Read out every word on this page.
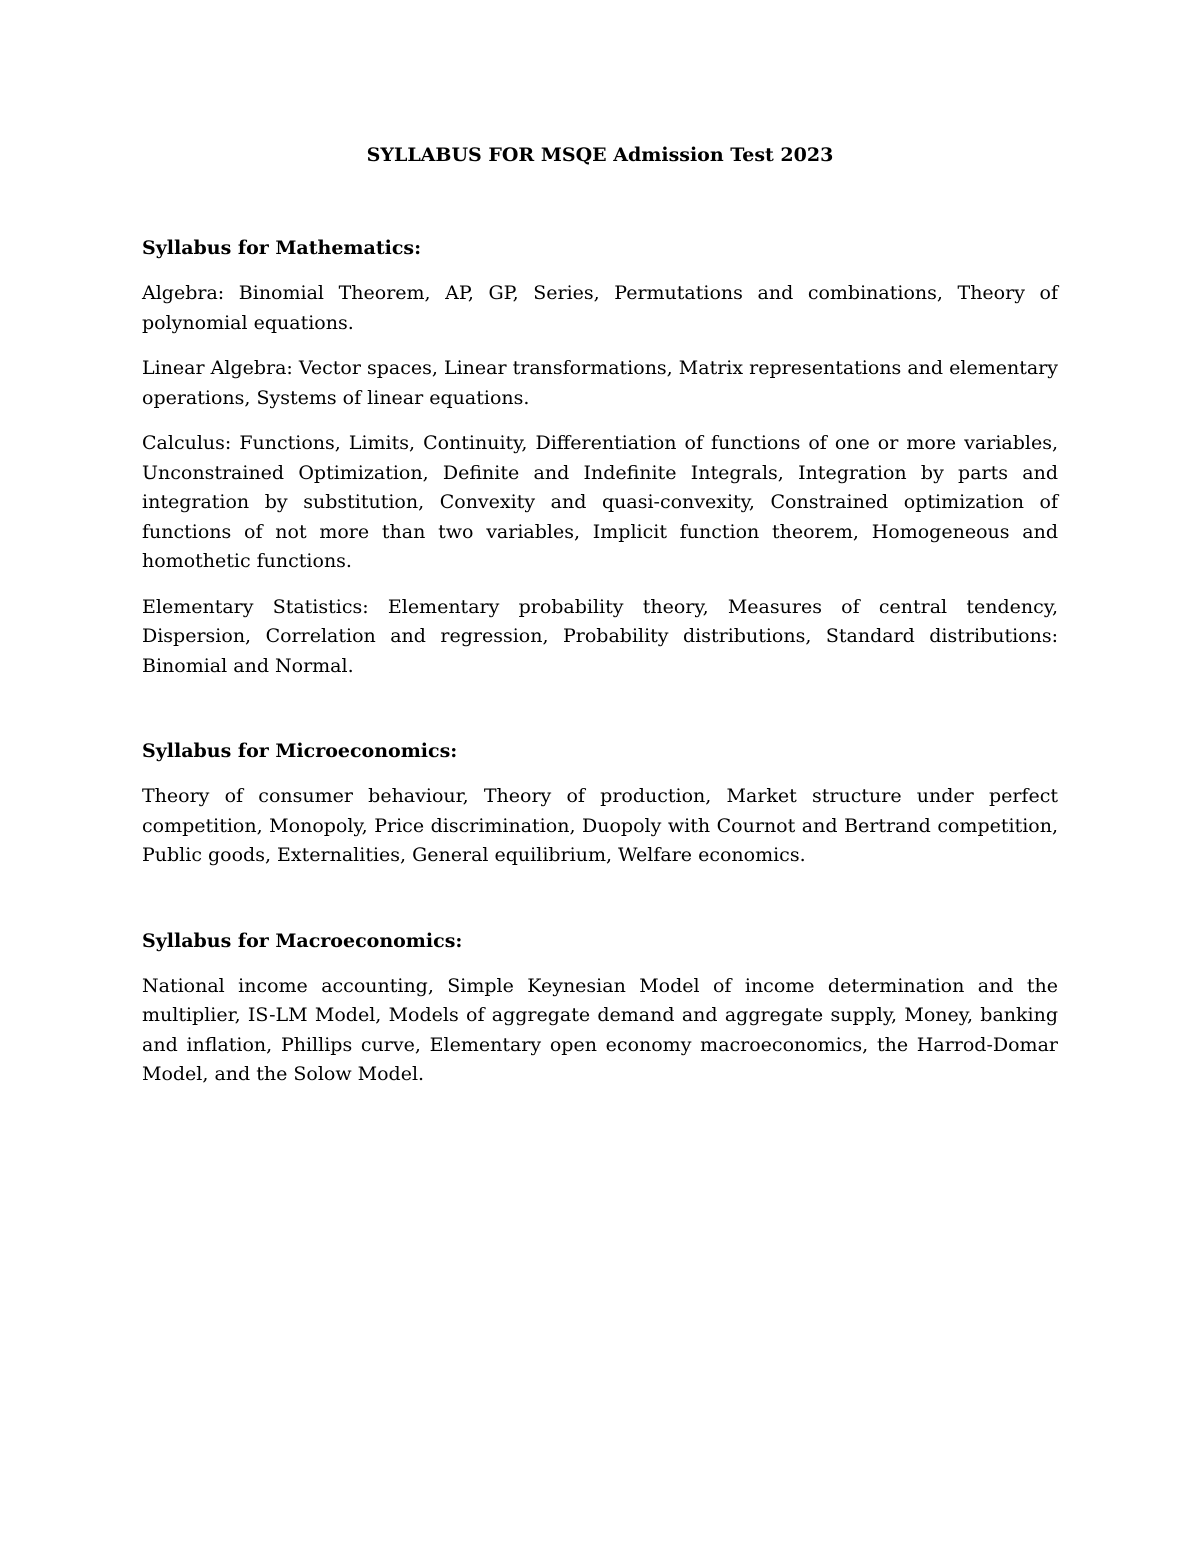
SYLLABUS FOR MSQE Admission Test 2023
Syllabus for Mathematics:

Algebra: Binomial Theorem, AP, GP, Series, Permutations and combinations, Theory of polynomial equations.

Linear Algebra: Vector spaces, Linear transformations, Matrix representations and elementary operations, Systems of linear equations.

Calculus: Functions, Limits, Continuity, Differentiation of functions of one or more variables, Unconstrained Optimization, Definite and Indefinite Integrals, Integration by parts and integration by substitution, Convexity and quasi-convexity, Constrained optimization of functions of not more than two variables, Implicit function theorem, Homogeneous and homothetic functions.

Elementary Statistics: Elementary probability theory, Measures of central tendency, Dispersion, Correlation and regression, Probability distributions, Standard distributions: Binomial and Normal.

Syllabus for Microeconomics:

Theory of consumer behaviour, Theory of production, Market structure under perfect competition, Monopoly, Price discrimination, Duopoly with Cournot and Bertrand competition, Public goods, Externalities, General equilibrium, Welfare economics.

Syllabus for Macroeconomics:

National income accounting, Simple Keynesian Model of income determination and the multiplier, IS-LM Model, Models of aggregate demand and aggregate supply, Money, banking and inflation, Phillips curve, Elementary open economy macroeconomics, the Harrod-Domar Model, and the Solow Model.
